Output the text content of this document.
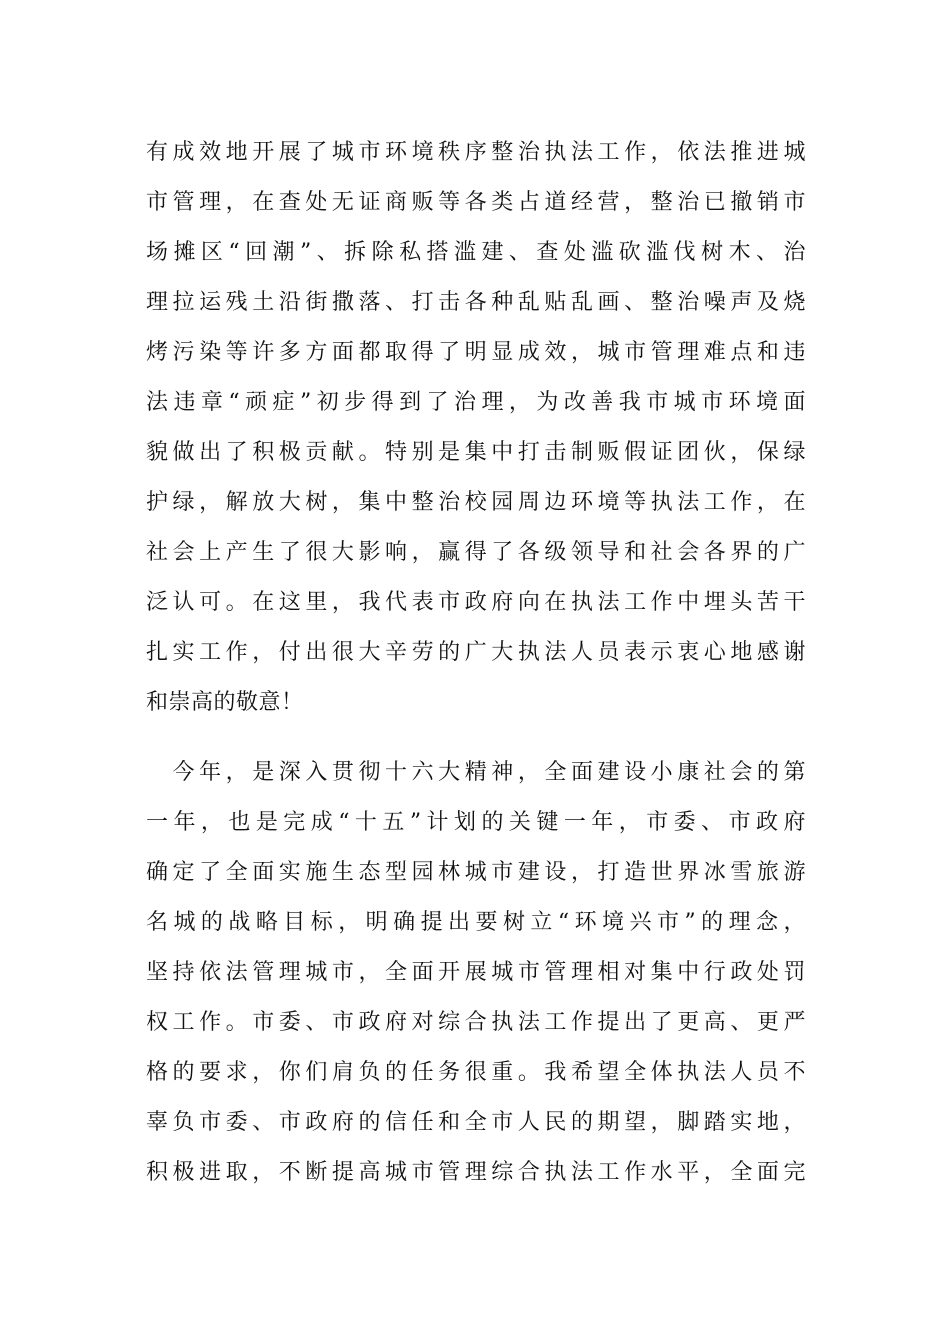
有成效地开展了城市环境秩序整治执法工作，依法推进城
市管理，在查处无证商贩等各类占道经营，整治已撤销市
场摊区“回潮”、拆除私搭滥建、查处滥砍滥伐树木、治
理拉运残土沿街撒落、打击各种乱贴乱画、整治噪声及烧
烤污染等许多方面都取得了明显成效，城市管理难点和违
法违章“顽症”初步得到了治理，为改善我市城市环境面
貌做出了积极贡献。特别是集中打击制贩假证团伙，保绿
护绿，解放大树，集中整治校园周边环境等执法工作，在
社会上产生了很大影响，赢得了各级领导和社会各界的广
泛认可。在这里，我代表市政府向在执法工作中埋头苦干
扎实工作，付出很大辛劳的广大执法人员表示衷心地感谢
和崇高的敬意！
　今年，是深入贯彻十六大精神，全面建设小康社会的第
一年，也是完成“十五”计划的关键一年，市委、市政府
确定了全面实施生态型园林城市建设，打造世界冰雪旅游
名城的战略目标，明确提出要树立“环境兴市”的理念，
坚持依法管理城市，全面开展城市管理相对集中行政处罚
权工作。市委、市政府对综合执法工作提出了更高、更严
格的要求，你们肩负的任务很重。我希望全体执法人员不
辜负市委、市政府的信任和全市人民的期望，脚踏实地，
积极进取，不断提高城市管理综合执法工作水平，全面完
